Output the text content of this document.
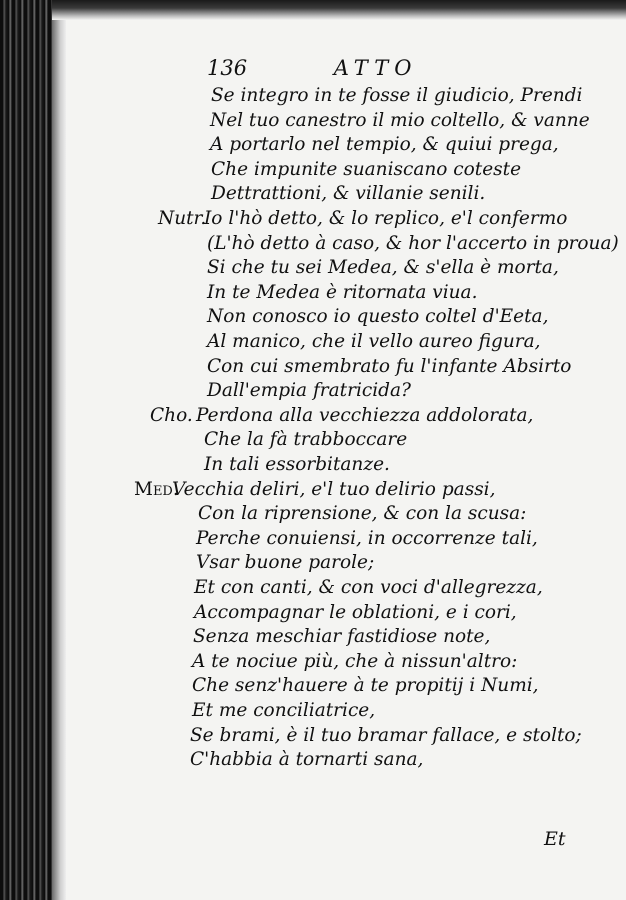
136	ATTO
Se integro in te fosse il giudicio, Prendi
Nel tuo canestro il mio coltello, & vanne
A portarlo nel tempio, & quiui prega,
Che impunite suaniscano coteste
Dettrattioni, & villanie senili.
Nutr.
Io l'hò detto, & lo replico, e'l confermo
(L'hò detto à caso, & hor l'accerto in proua)
Si che tu sei Medea, & s'ella è morta,
In te Medea è ritornata viua.
Non conosco io questo coltel d'Eeta,
Al manico, che il vello aureo figura,
Con cui smembrato fu l'infante Absirto
Dall'empia fratricida?
Cho. Perdona alla vecchiezza addolorata,
Che la fà trabboccare
In tali essorbitanze.
Med.
Vecchia deliri, e'l tuo delirio passi,
Con la riprensione, & con la scusa:
Perche conuiensi, in occorrenze tali,
Vsar buone parole;
Et con canti, & con voci d'allegrezza,
Accompagnar le oblationi, e i cori,
Senza meschiar fastidiose note,
A te nociue più, che à nissun'altro:
Che senz'hauere à te propitij i Numi,
Et me conciliatrice,
Se brami, è il tuo bramar fallace, e stolto;
C'habbia à tornarti sana,
Et
